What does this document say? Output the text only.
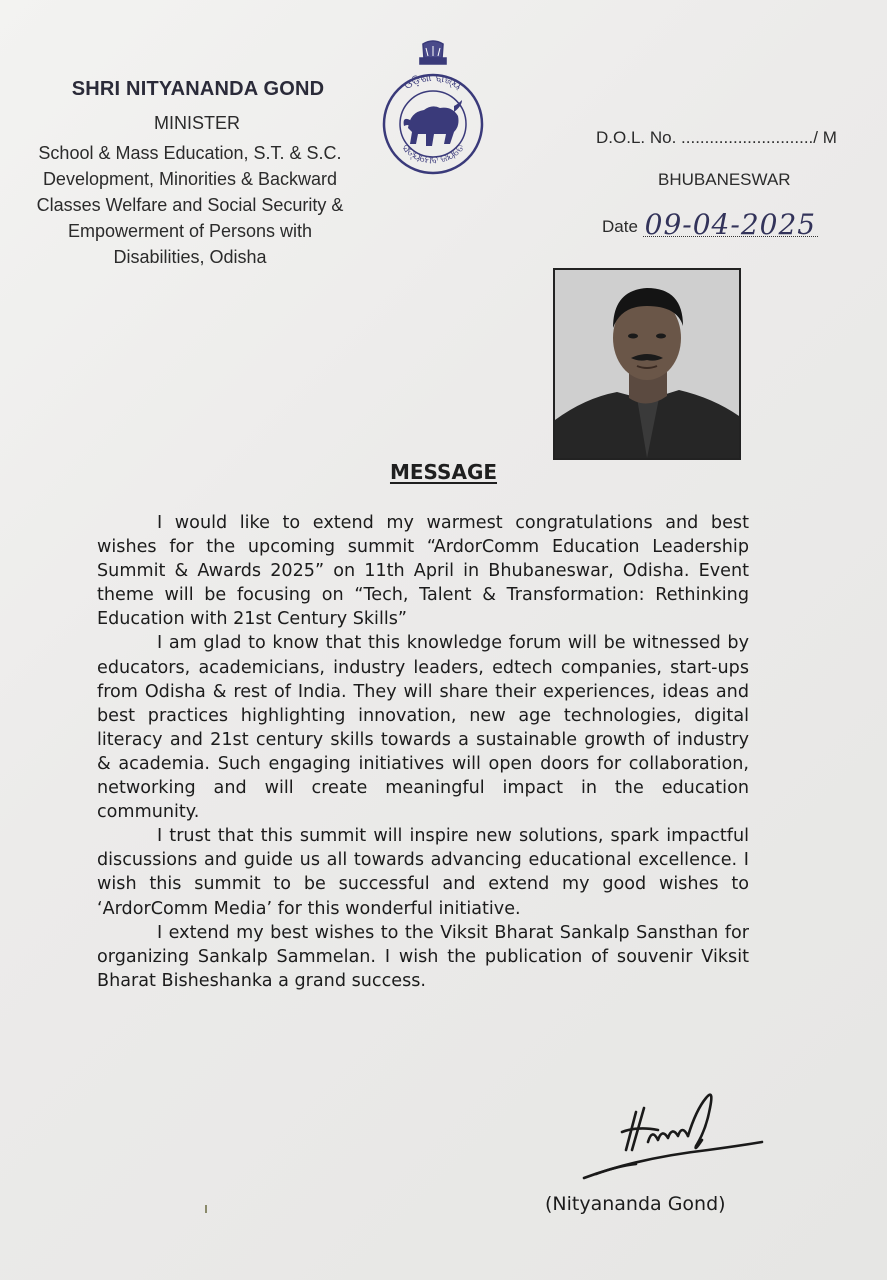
SHRI NITYANANDA GOND
MINISTER
School & Mass Education, S.T. & S.C.
Development, Minorities & Backward
Classes Welfare and Social Security &
Empowerment of Persons with
Disabilities, Odisha
ଓଡ଼ିଶା ରାଜ୍ୟ
ସତ୍ୟମେବ ଜୟତେ
D.O.L. No. ............................/ M
BHUBANESWAR
Date 09-04-2025
MESSAGE

I would like to extend my warmest congratulations and best wishes for the upcoming summit “ArdorComm Education Leadership Summit & Awards 2025” on 11th April in Bhubaneswar, Odisha. Event theme will be focusing on “Tech, Talent & Transformation: Rethinking Education with 21st Century Skills”

I am glad to know that this knowledge forum will be witnessed by educators, academicians, industry leaders, edtech companies, start-ups from Odisha & rest of India. They will share their experiences, ideas and best practices highlighting innovation, new age technologies, digital literacy and 21st century skills towards a sustainable growth of industry & academia. Such engaging initiatives will open doors for collaboration, networking and will create meaningful impact in the education community.

I trust that this summit will inspire new solutions, spark impactful discussions and guide us all towards advancing educational excellence. I wish this summit to be successful and extend my good wishes to ‘ArdorComm Media’ for this wonderful initiative.

I extend my best wishes to the Viksit Bharat Sankalp Sansthan for organizing Sankalp Sammelan. I wish the publication of souvenir Viksit Bharat Bisheshanka a grand success.

(Nityananda Gond)
